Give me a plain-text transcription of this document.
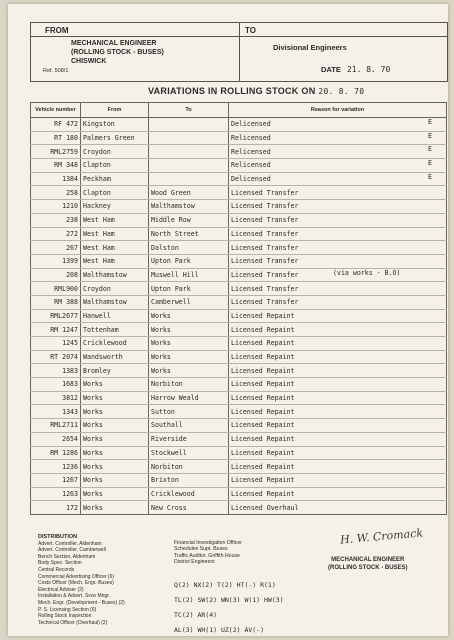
FROM
MECHANICAL ENGINEER
(ROLLING STOCK - BUSES)
CHISWICK
Ref. 508/1
TO
Divisional Engineers
DATE 21. 8. 70
VARIATIONS IN ROLLING STOCK ON 20. 8. 70
Vehicle number	From	To	Reason for variation
RF 472	Kingston		Delicensed E

RT 180	Palmers Green		Relicensed E

RML2759	Croydon		Relicensed E

RM 348	Clapton		Relicensed E

1384	Peckham		Delicensed E

258	Clapton	Wood Green	Licensed Transfer
1210	Hackney	Walthamstow	Licensed Transfer
238	West Ham	Middle Row	Licensed Transfer
272	West Ham	North Street	Licensed Transfer
267	West Ham	Dalston	Licensed Transfer
1399	West Ham	Upton Park	Licensed Transfer
208	Walthamstow	Muswell Hill	Licensed Transfer (via works - B.O)

RML900	Croydon	Upton Park	Licensed Transfer
RM 388	Walthamstow	Camberwell	Licensed Transfer
RML2677	Hanwell	Works	Licensed Repaint
RM 1247	Tottenham	Works	Licensed Repaint
1245	Cricklewood	Works	Licensed Repaint
RT 2074	Wandsworth	Works	Licensed Repaint
1383	Bromley	Works	Licensed Repaint
1683	Works	Norbiton	Licensed Repaint
3812	Works	Harrow Weald	Licensed Repaint
1343	Works	Sutton	Licensed Repaint
RML2711	Works	Southall	Licensed Repaint
2654	Works	Riverside	Licensed Repaint
RM 1286	Works	Stockwell	Licensed Repaint
1236	Works	Norbiton	Licensed Repaint
1267	Works	Brixton	Licensed Repaint
1263	Works	Cricklewood	Licensed Repaint
172	Works	New Cross	Licensed Overhaul
H. W. Cromack
MECHANICAL ENGINEER
(ROLLING STOCK - BUSES)
DISTRIBUTION
Advert. Controller, Aldenham
Advert. Controller, Camberwell
Bench Section, Aldenham
Body Spec. Section
Central Records
Commercial Advertising Officer (6)
Costs Officer (Mech. Engr.-Buses)
Electrical Adviser (2)
Installation & Advert. Svce Mngr.
Mech. Engr. (Development - Buses) (2)
P. S. Licensing Section (6)
Rolling Stock Inspection
Technical Officer (Overhaul) (2)
Financial Investigation Officer
Schedules Supt. Buses
Traffic Auditor, Griffith House
District Engineers
Q(2) NX(2) T(2) HT(-) R(1)
TL(2) SW(2) WN(3) W(1) HW(3)
TC(2) AR(4)
AL(3) WH(1) UZ(2) AV(-)
